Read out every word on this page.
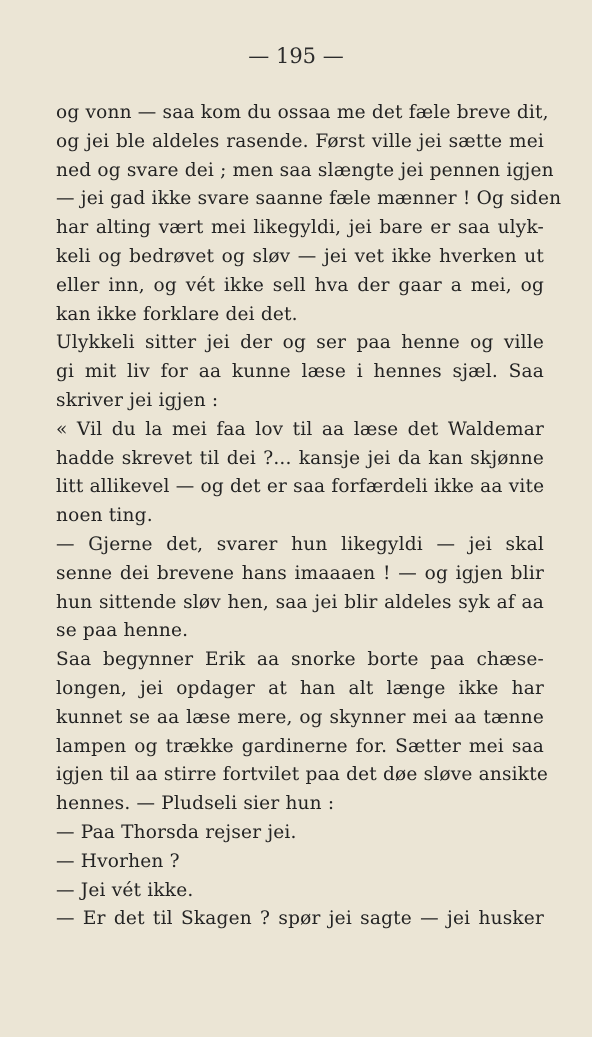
— 195 —
og vonn — saa kom du ossaa me det fæle breve dit,
og jei ble aldeles rasende. Først ville jei sætte mei
ned og svare dei ; men saa slængte jei pennen igjen
— jei gad ikke svare saanne fæle mænner ! Og siden
har alting vært mei likegyldi, jei bare er saa ulyk-
keli og bedrøvet og sløv — jei vet ikke hverken ut
eller inn, og vét ikke sell hva der gaar a mei, og
kan ikke forklare dei det.
Ulykkeli sitter jei der og ser paa henne og ville
gi mit liv for aa kunne læse i hennes sjæl. Saa
skriver jei igjen :
« Vil du la mei faa lov til aa læse det Waldemar
hadde skrevet til dei ?... kansje jei da kan skjønne
litt allikevel — og det er saa forfærdeli ikke aa vite
noen ting.
— Gjerne det, svarer hun likegyldi — jei skal
senne dei brevene hans imaaaen ! — og igjen blir
hun sittende sløv hen, saa jei blir aldeles syk af aa
se paa henne.
Saa begynner Erik aa snorke borte paa chæse-
longen, jei opdager at han alt længe ikke har
kunnet se aa læse mere, og skynner mei aa tænne
lampen og trække gardinerne for. Sætter mei saa
igjen til aa stirre fortvilet paa det døe sløve ansikte
hennes. — Pludseli sier hun :
— Paa Thorsda rejser jei.
— Hvorhen ?
— Jei vét ikke.
— Er det til Skagen ? spør jei sagte — jei husker
